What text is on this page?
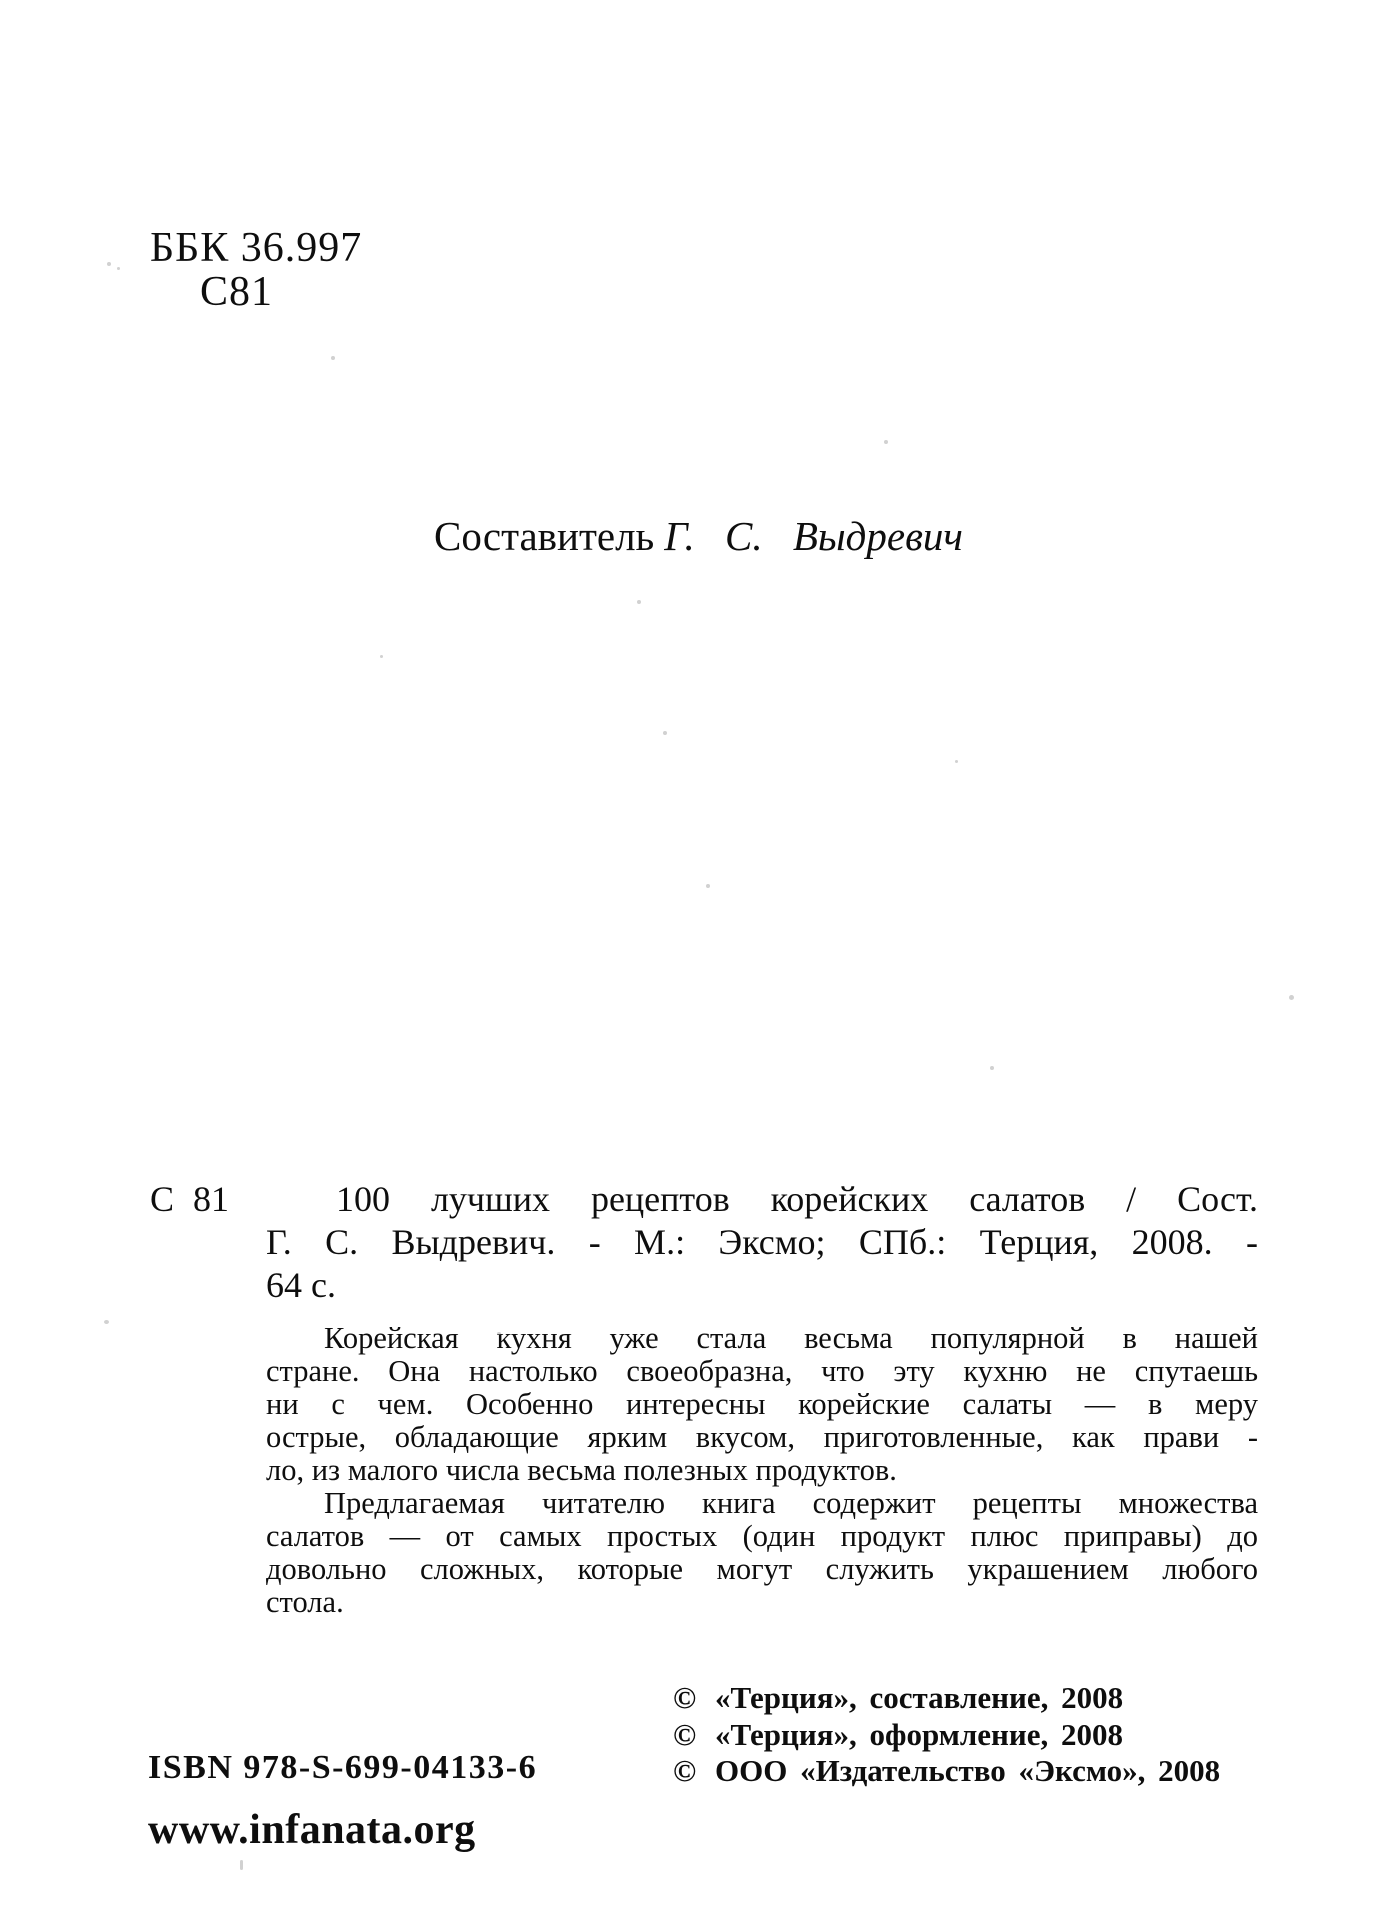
ББК 36.997
С81
Составитель Г. С. Выдревич
С 81	100 лучших рецептов корейских салатов / Сост.
Г. С. Выдревич. - М.: Эксмо; СПб.: Терция, 2008. -
64 с.
Корейская кухня уже стала весьма популярной в нашей
стране. Она настолько своеобразна, что эту кухню не спутаешь
ни с чем. Особенно интересны корейские салаты — в меру
острые, обладающие ярким вкусом, приготовленные, как прави -
ло, из малого числа весьма полезных продуктов.
Предлагаемая читателю книга содержит рецепты множества
салатов — от самых простых (один продукт плюс приправы) до
довольно сложных, которые могут служить украшением любого
стола.
© «Терция», составление, 2008
© «Терция», оформление, 2008
© ООО «Издательство «Эксмо», 2008
ISBN 978-S-699-04133-6
www.infanata.org
